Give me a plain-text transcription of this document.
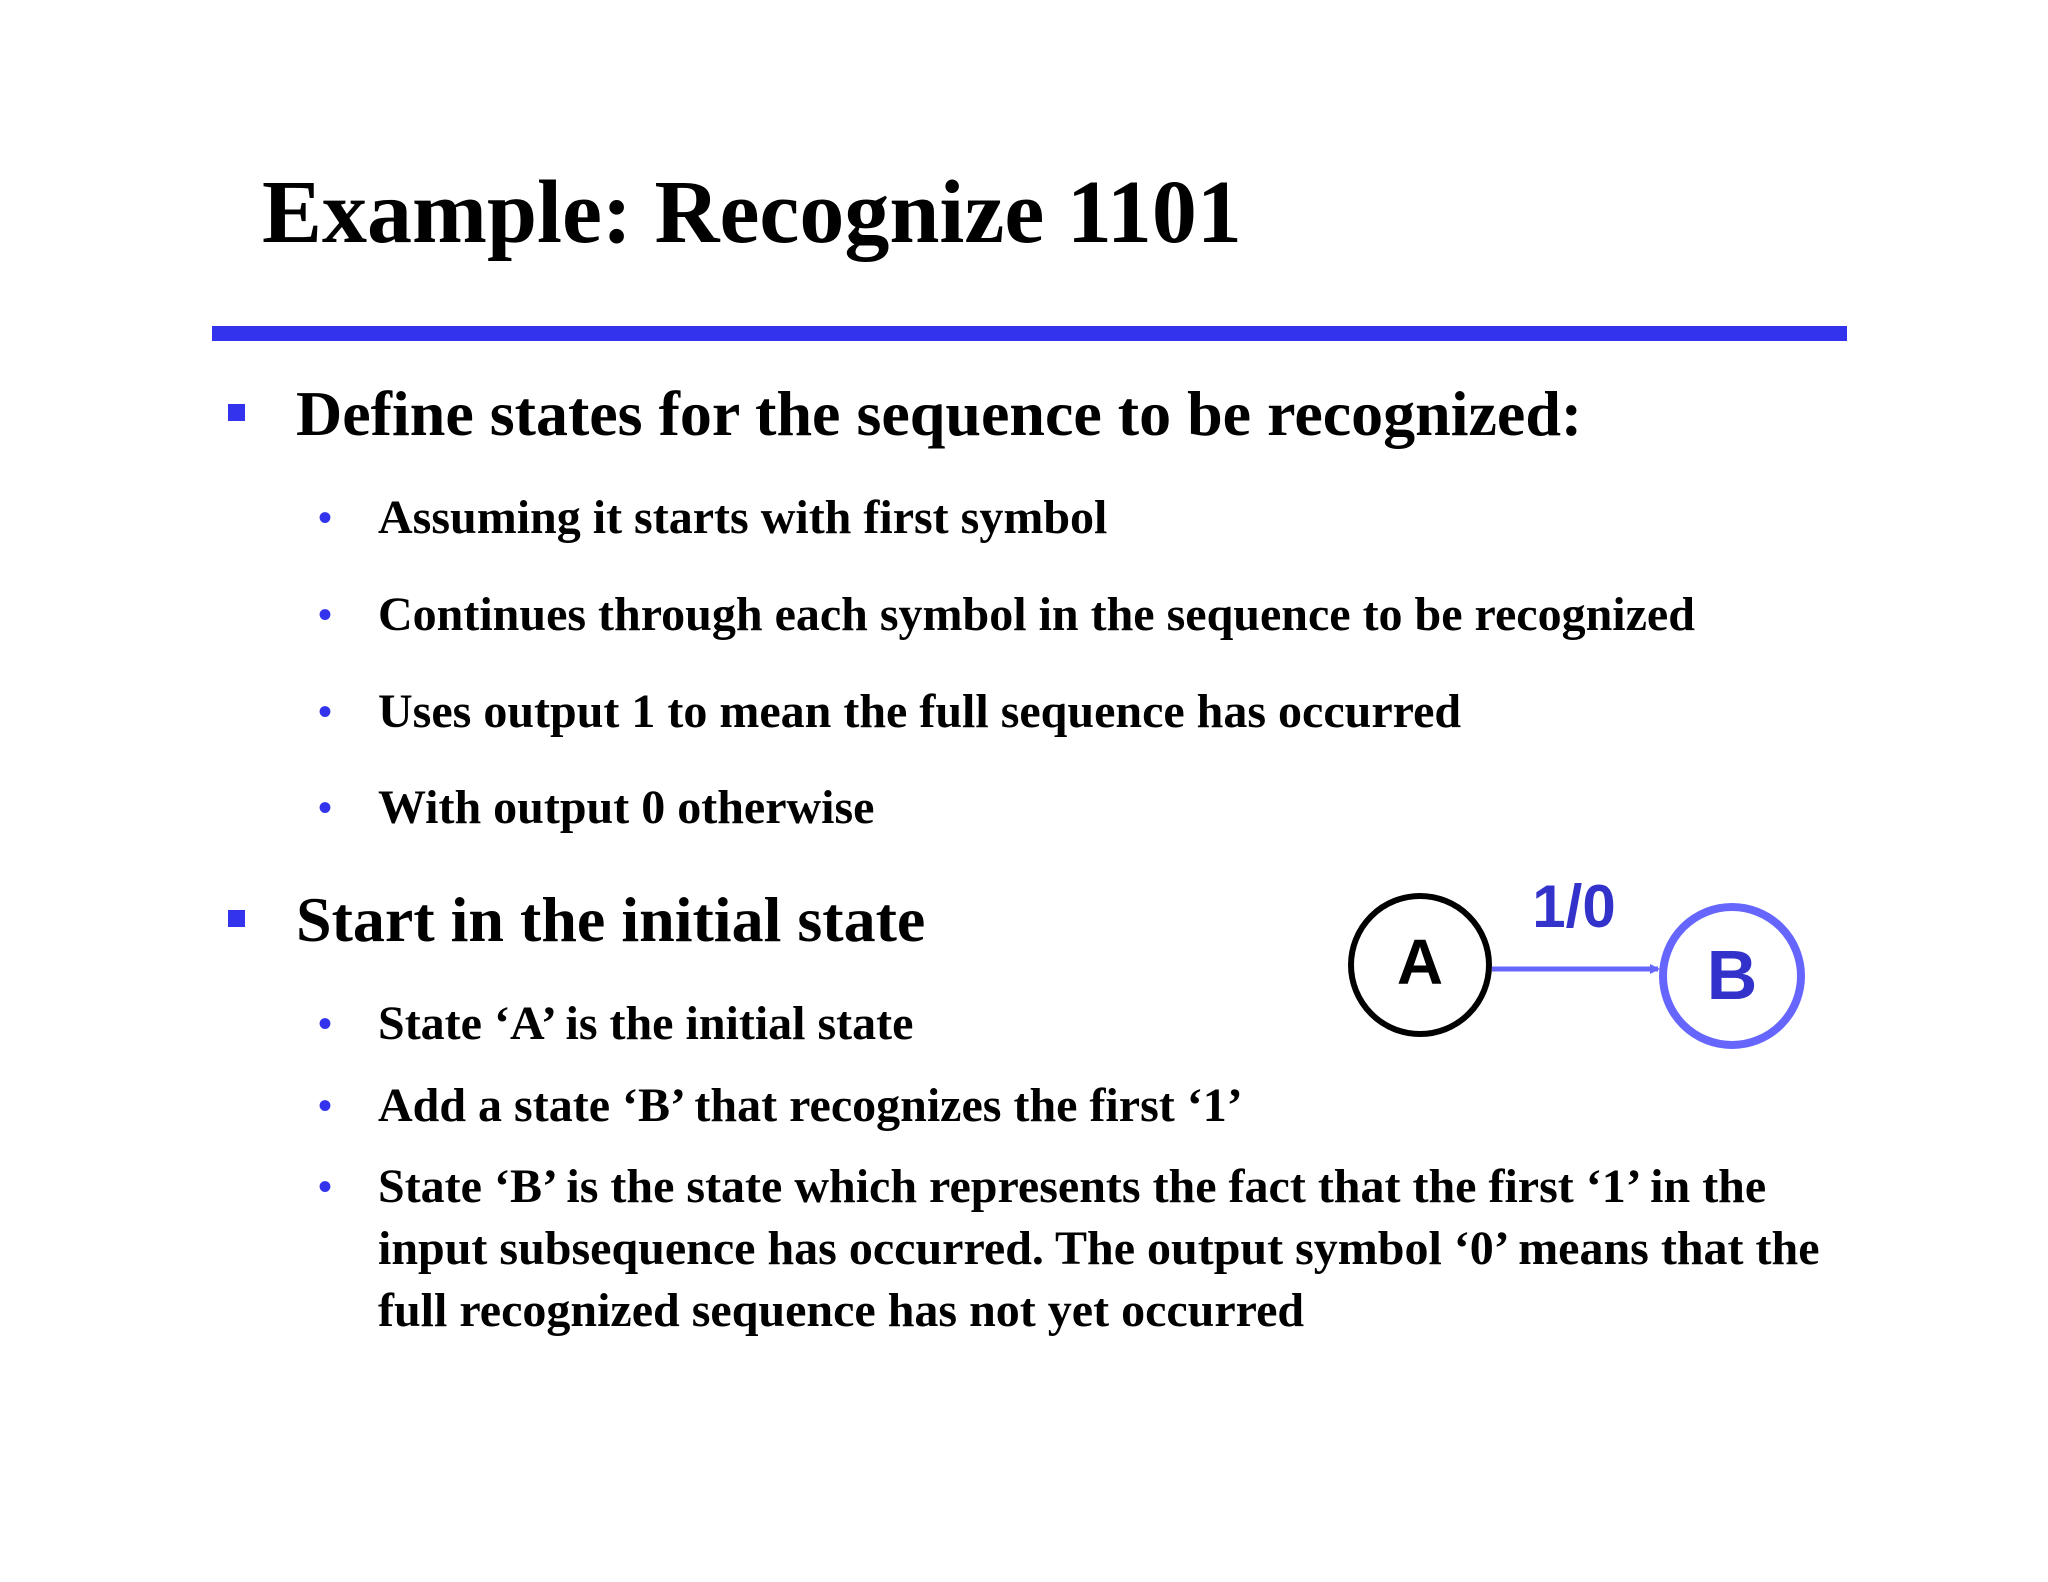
Example: Recognize 1101
Define states for the sequence to be recognized:
• Assuming it starts with first symbol
• Continues through each symbol in the sequence to be recognized
• Uses output 1 to mean the full sequence has occurred
• With output 0 otherwise
Start in the initial state
• State ‘A’ is the initial state
• Add a state ‘B’ that recognizes the first ‘1’
• State ‘B’ is the state which represents the fact that the first ‘1’ in the input subsequence has occurred. The output symbol ‘0’ means that the full recognized sequence has not yet occurred
A
1/0
B
